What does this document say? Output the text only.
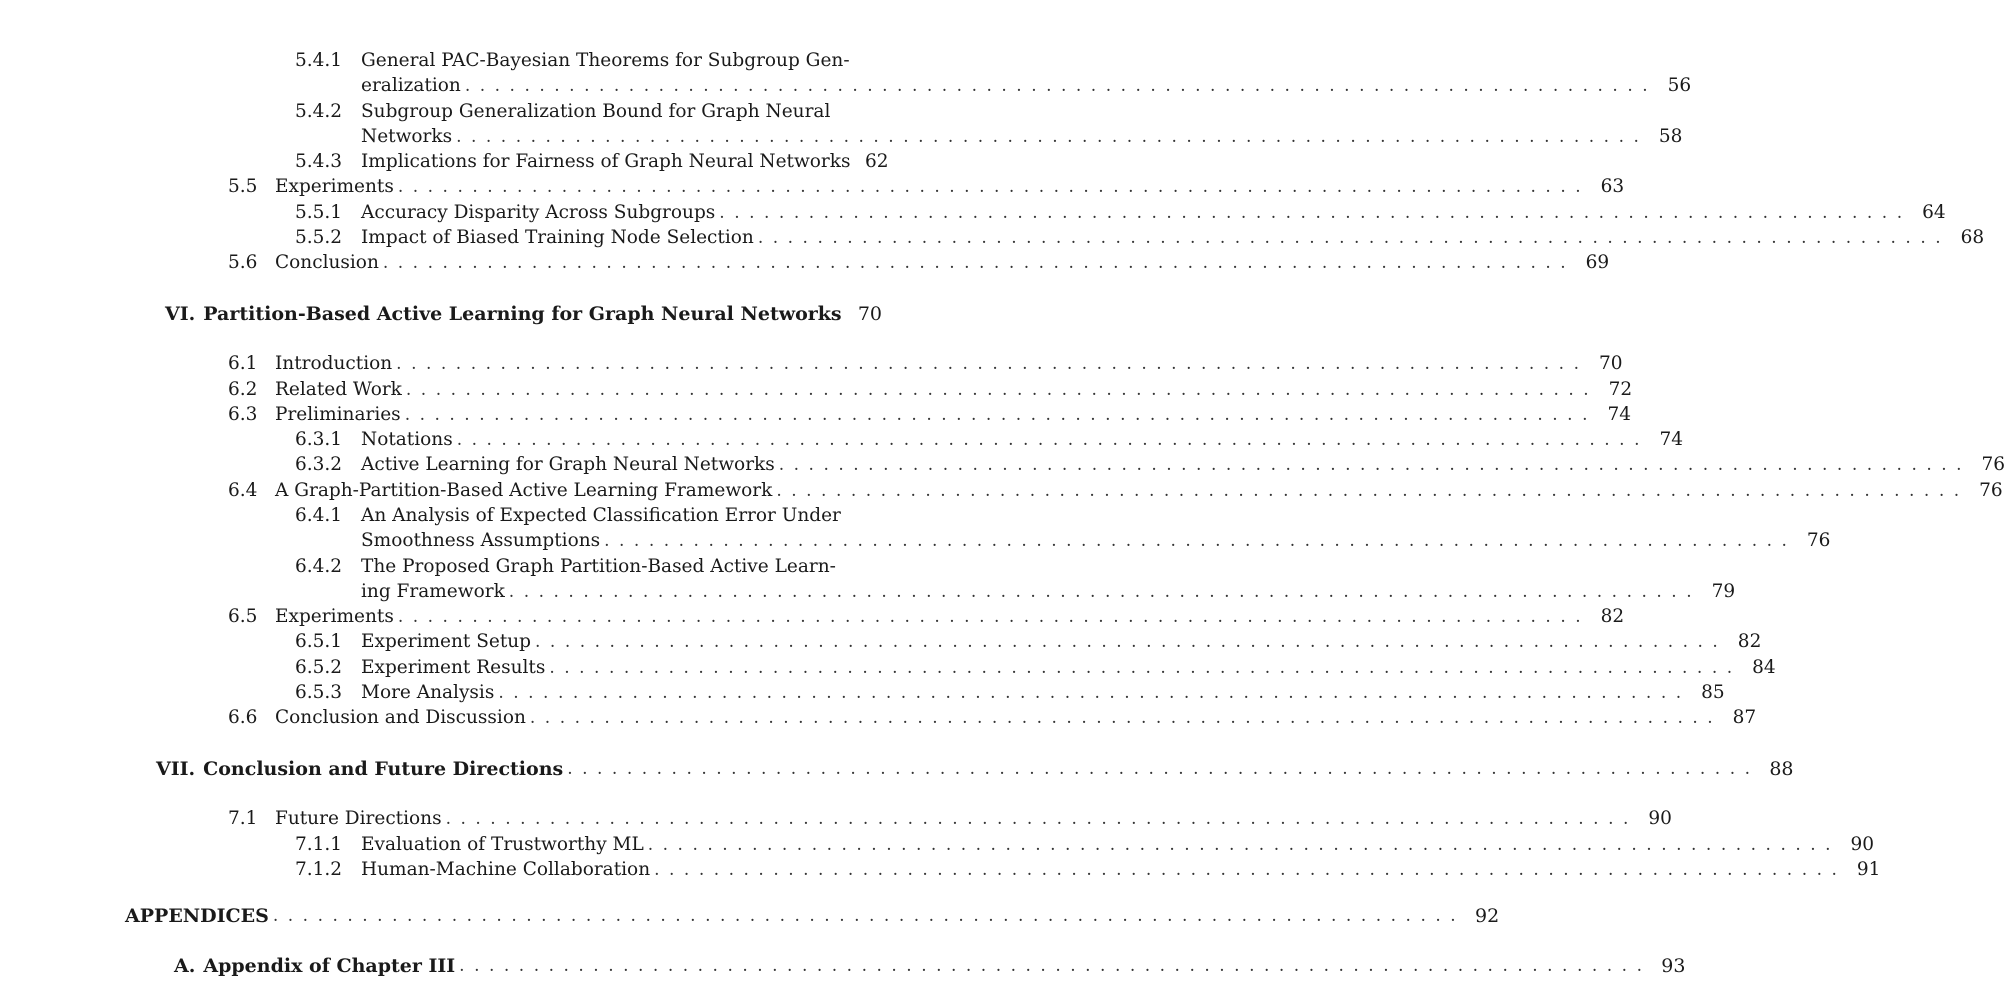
5.4.1	General PAC-Bayesian Theorems for Subgroup Gen-
eralization ................................................................................ 56
5.4.2	Subgroup Generalization Bound for Graph Neural
Networks ................................................................................ 58
5.4.3	Implications for Fairness of Graph Neural Networks 62
5.5 Experiments ................................................................................ 63
5.5.1	Accuracy Disparity Across Subgroups ................................................................................ 64
5.5.2	Impact of Biased Training Node Selection ................................................................................ 68
5.6 Conclusion ................................................................................ 69
VI. Partition-Based Active Learning for Graph Neural Networks 70
6.1 Introduction ................................................................................ 70
6.2 Related Work ................................................................................ 72
6.3 Preliminaries ................................................................................ 74
6.3.1	Notations ................................................................................ 74
6.3.2	Active Learning for Graph Neural Networks ................................................................................ 76
6.4 A Graph-Partition-Based Active Learning Framework ................................................................................ 76
6.4.1	An Analysis of Expected Classification Error Under
Smoothness Assumptions ................................................................................ 76
6.4.2	The Proposed Graph Partition-Based Active Learn-
ing Framework ................................................................................ 79
6.5 Experiments ................................................................................ 82
6.5.1	Experiment Setup ................................................................................ 82
6.5.2	Experiment Results ................................................................................ 84
6.5.3	More Analysis ................................................................................ 85
6.6 Conclusion and Discussion ................................................................................ 87
VII. Conclusion and Future Directions ................................................................................ 88
7.1 Future Directions ................................................................................ 90
7.1.1	Evaluation of Trustworthy ML ................................................................................ 90
7.1.2	Human-Machine Collaboration ................................................................................ 91
APPENDICES ................................................................................ 92
A. Appendix of Chapter III ................................................................................ 93
